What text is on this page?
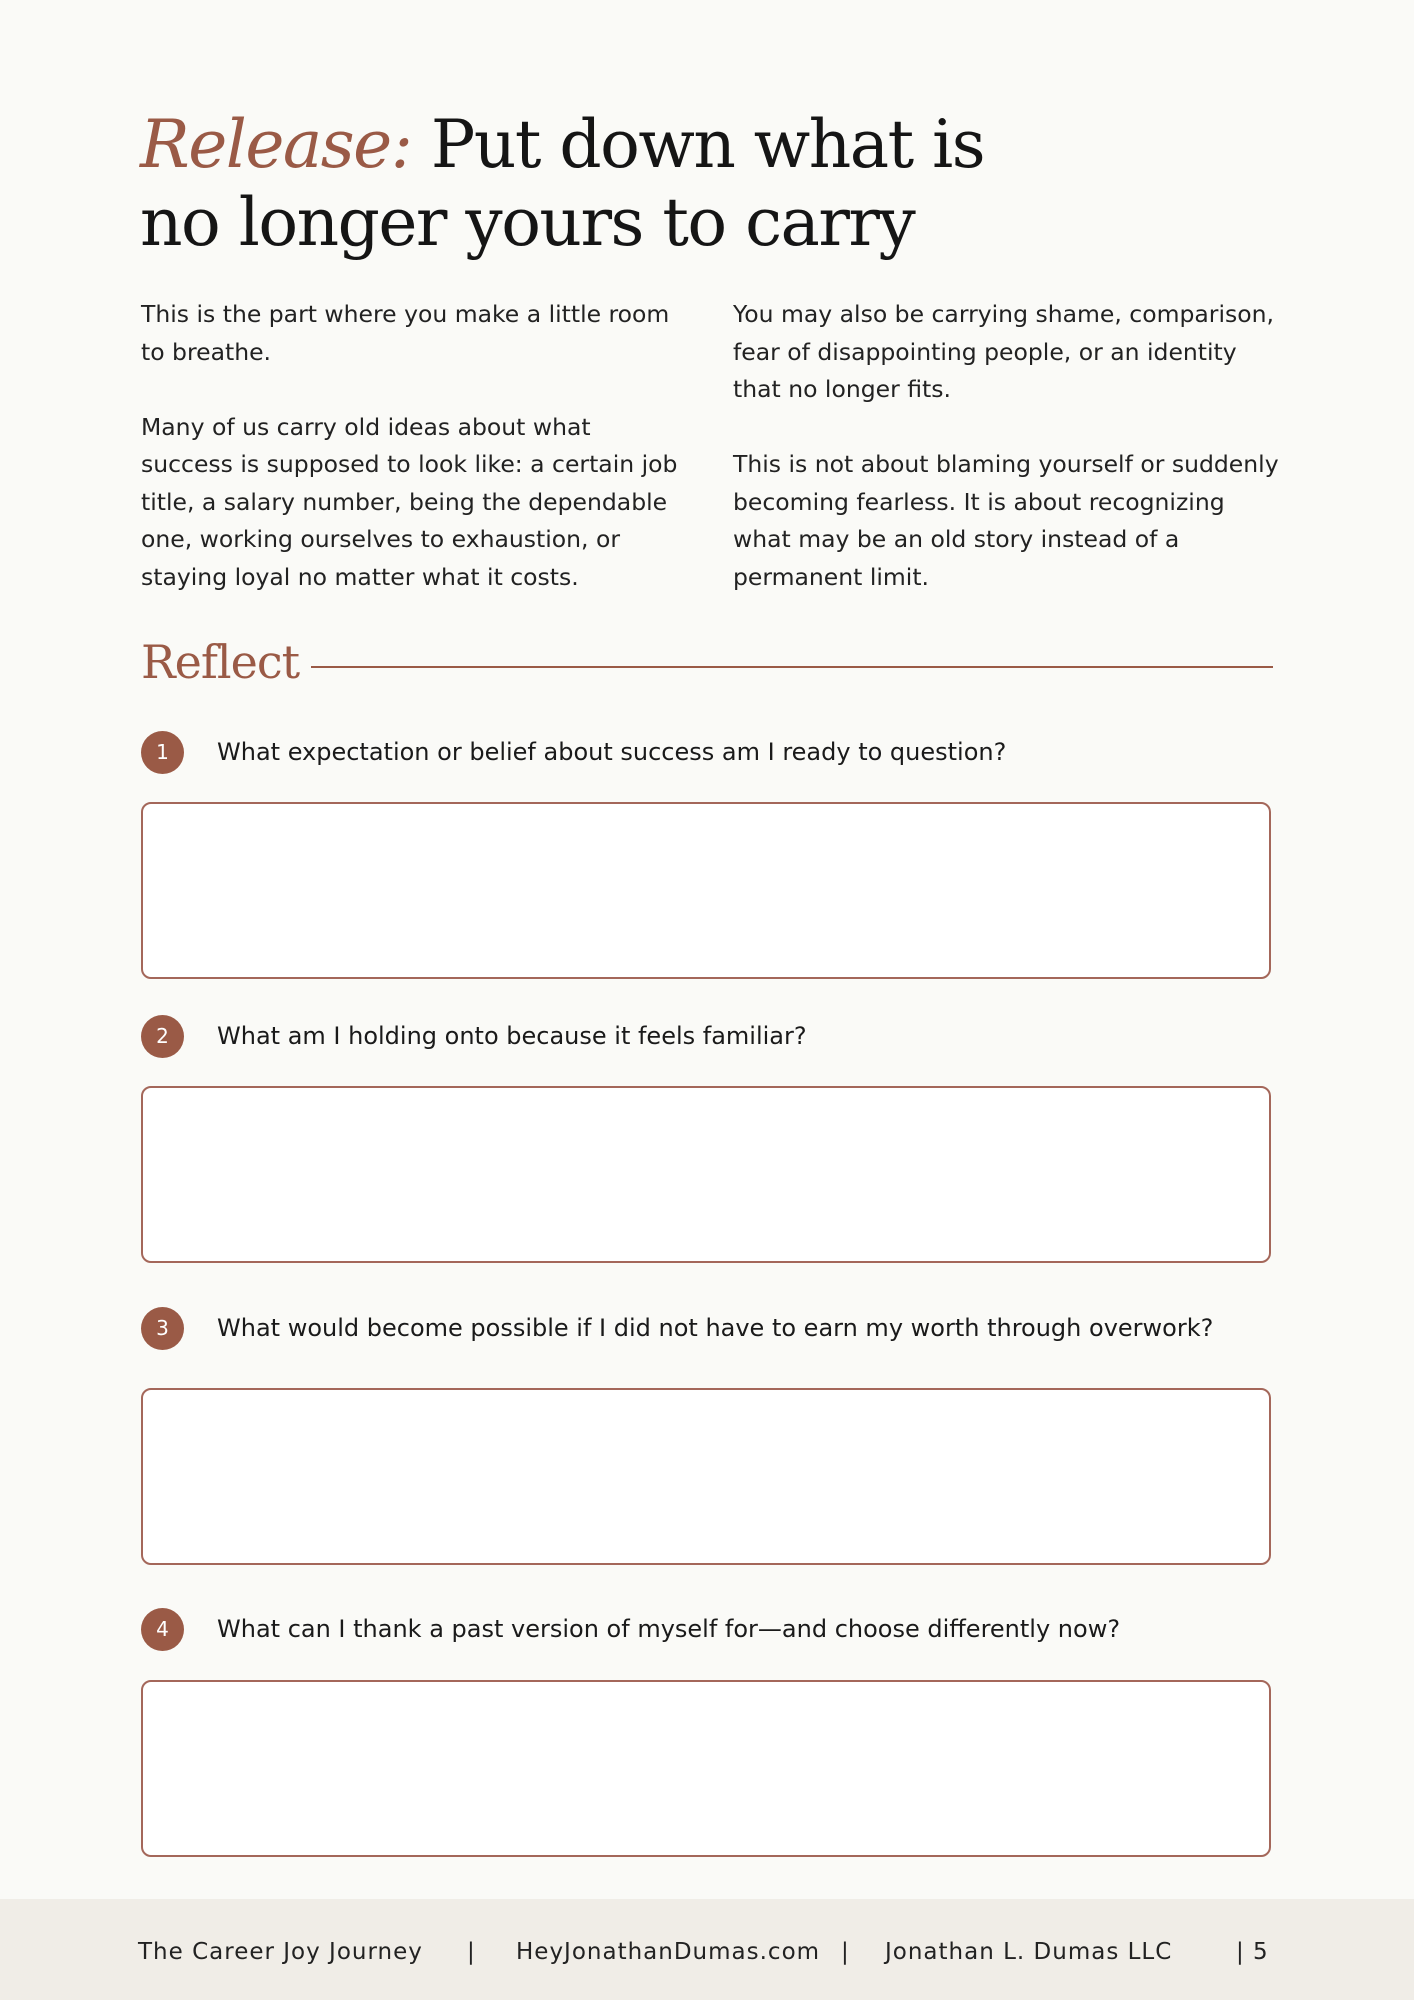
Release: Put down what is no longer yours to carry

This is the part where you make a little room to breathe.

Many of us carry old ideas about what success is supposed to look like: a certain job title, a salary number, being the dependable one, working ourselves to exhaustion, or staying loyal no matter what it costs.

You may also be carrying shame, comparison, fear of disappointing people, or an identity that no longer fits.

This is not about blaming yourself or suddenly becoming fearless. It is about recognizing what may be an old story instead of a permanent limit.

Reflect
1	What expectation or belief about success am I ready to question?
2	What am I holding onto because it feels familiar?
3	What would become possible if I did not have to earn my worth through overwork?
4	What can I thank a past version of myself for—and choose differently now?
The Career Joy Journey | HeyJonathanDumas.com | Jonathan L. Dumas LLC	| 5
